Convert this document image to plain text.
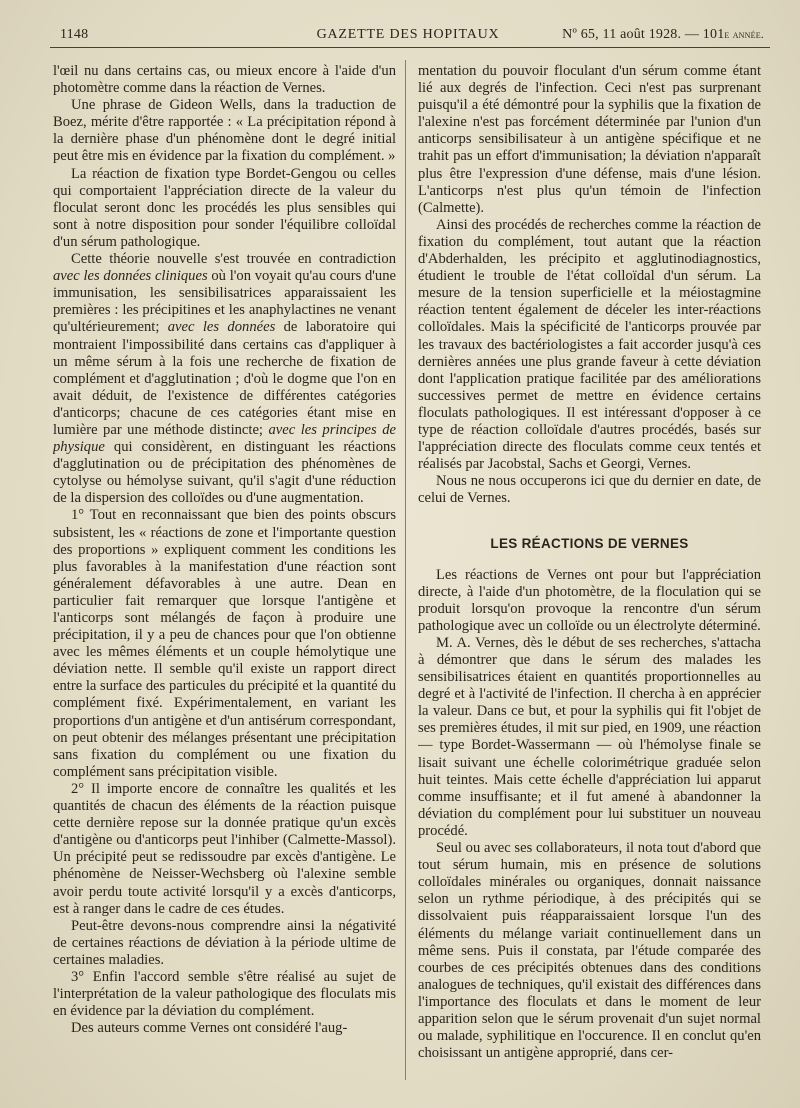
1148	GAZETTE DES HOPITAUX	Nº 65, 11 août 1928. — 101e année.

l'œil nu dans certains cas, ou mieux encore à l'aide d'un photomètre comme dans la réaction de Vernes.

Une phrase de Gideon Wells, dans la traduction de Boez, mérite d'être rapportée : « La précipitation répond à la dernière phase d'un phénomène dont le degré initial peut être mis en évidence par la fixation du complément. »

La réaction de fixation type Bordet-Gengou ou celles qui comportaient l'appréciation directe de la valeur du floculat seront donc les procédés les plus sensibles qui sont à notre disposition pour sonder l'équilibre colloïdal d'un sérum pathologique.

Cette théorie nouvelle s'est trouvée en contradiction avec les données cliniques où l'on voyait qu'au cours d'une immunisation, les sensibilisatrices apparaissaient les premières : les précipitines et les anaphylactines ne venant qu'ultérieurement; avec les données de laboratoire qui montraient l'impossibilité dans certains cas d'appliquer à un même sérum à la fois une recherche de fixation de complément et d'agglutination ; d'où le dogme que l'on en avait déduit, de l'existence de différentes catégories d'anticorps; chacune de ces catégories étant mise en lumière par une méthode distincte; avec les principes de physique qui considèrent, en distinguant les réactions d'agglutination ou de précipitation des phénomènes de cytolyse ou hémolyse suivant, qu'il s'agit d'une réduction de la dispersion des colloïdes ou d'une augmentation.

1° Tout en reconnaissant que bien des points obscurs subsistent, les « réactions de zone et l'importante question des proportions » expliquent comment les conditions les plus favorables à la manifestation d'une réaction sont généralement défavorables à une autre. Dean en particulier fait remarquer que lorsque l'antigène et l'anticorps sont mélangés de façon à produire une précipitation, il y a peu de chances pour que l'on obtienne avec les mêmes éléments et un couple hémolytique une déviation nette. Il semble qu'il existe un rapport direct entre la surface des particules du précipité et la quantité du complément fixé. Expérimentalement, en variant les proportions d'un antigène et d'un antisérum correspondant, on peut obtenir des mélanges présentant une précipitation sans fixation du complément ou une fixation du complément sans précipitation visible.

2° Il importe encore de connaître les qualités et les quantités de chacun des éléments de la réaction puisque cette dernière repose sur la donnée pratique qu'un excès d'antigène ou d'anticorps peut l'inhiber (Calmette-Massol). Un précipité peut se redissoudre par excès d'antigène. Le phénomène de Neisser-Wechsberg où l'alexine semble avoir perdu toute activité lorsqu'il y a excès d'anticorps, est à ranger dans le cadre de ces études.

Peut-être devons-nous comprendre ainsi la négativité de certaines réactions de déviation à la période ultime de certaines maladies.

3° Enfin l'accord semble s'être réalisé au sujet de l'interprétation de la valeur pathologique des floculats mis en évidence par la déviation du complément.

Des auteurs comme Vernes ont considéré l'aug-

mentation du pouvoir floculant d'un sérum comme étant lié aux degrés de l'infection. Ceci n'est pas surprenant puisqu'il a été démontré pour la syphilis que la fixation de l'alexine n'est pas forcément déterminée par l'union d'un anticorps sensibilisateur à un antigène spécifique et ne trahit pas un effort d'immunisation; la déviation n'apparaît plus être l'expression d'une défense, mais d'une lésion. L'anticorps n'est plus qu'un témoin de l'infection (Calmette).

Ainsi des procédés de recherches comme la réaction de fixation du complément, tout autant que la réaction d'Abderhalden, les précipito et agglutinodiagnostics, étudient le trouble de l'état colloïdal d'un sérum. La mesure de la tension superficielle et la méiostagmine réaction tentent également de déceler les inter-réactions colloïdales. Mais la spécificité de l'anticorps prouvée par les travaux des bactériologistes a fait accorder jusqu'à ces dernières années une plus grande faveur à cette déviation dont l'application pratique facilitée par des améliorations successives permet de mettre en évidence certains floculats pathologiques. Il est intéressant d'opposer à ce type de réaction colloïdale d'autres procédés, basés sur l'appréciation directe des floculats comme ceux tentés et réalisés par Jacobstal, Sachs et Georgi, Vernes.

Nous ne nous occuperons ici que du dernier en date, de celui de Vernes.

LES RÉACTIONS DE VERNES

Les réactions de Vernes ont pour but l'appréciation directe, à l'aide d'un photomètre, de la floculation qui se produit lorsqu'on provoque la rencontre d'un sérum pathologique avec un colloïde ou un électrolyte déterminé.

M. A. Vernes, dès le début de ses recherches, s'attacha à démontrer que dans le sérum des malades les sensibilisatrices étaient en quantités proportionnelles au degré et à l'activité de l'infection. Il chercha à en apprécier la valeur. Dans ce but, et pour la syphilis qui fit l'objet de ses premières études, il mit sur pied, en 1909, une réaction — type Bordet-Wassermann — où l'hémolyse finale se lisait suivant une échelle colorimétrique graduée selon huit teintes. Mais cette échelle d'appréciation lui apparut comme insuffisante; et il fut amené à abandonner la déviation du complément pour lui substituer un nouveau procédé.

Seul ou avec ses collaborateurs, il nota tout d'abord que tout sérum humain, mis en présence de solutions colloïdales minérales ou organiques, donnait naissance selon un rythme périodique, à des précipités qui se dissolvaient puis réapparaissaient lorsque l'un des éléments du mélange variait continuellement dans un même sens. Puis il constata, par l'étude comparée des courbes de ces précipités obtenues dans des conditions analogues de techniques, qu'il existait des différences dans l'importance des floculats et dans le moment de leur apparition selon que le sérum provenait d'un sujet normal ou malade, syphilitique en l'occurence. Il en conclut qu'en choisissant un antigène approprié, dans cer-
